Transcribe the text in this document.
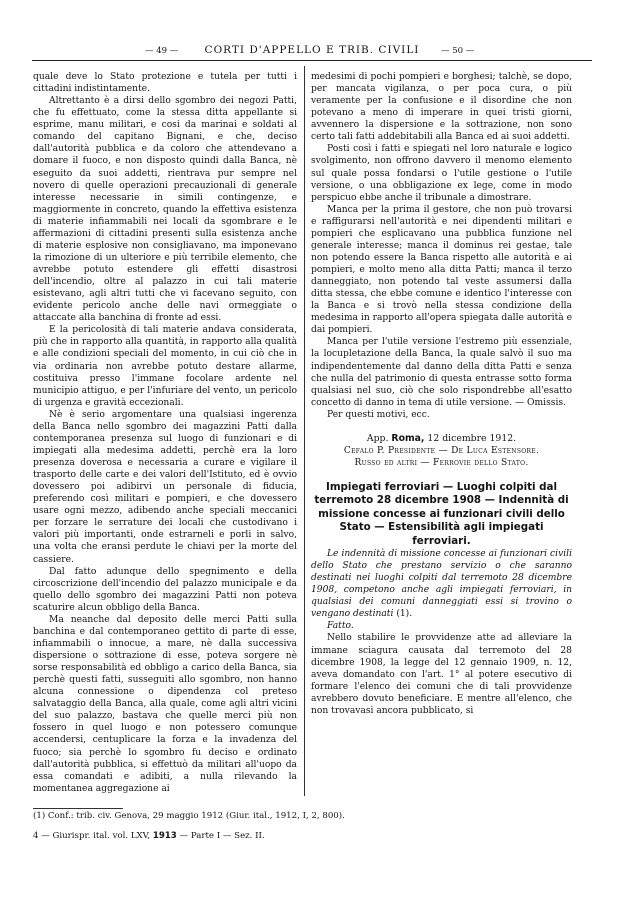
— 49 —	CORTI D'APPELLO E TRIB. CIVILI	— 50 —

quale deve lo Stato protezione e tutela per tutti i cittadini indistintamente.

Altrettanto è a dirsi dello sgombro dei negozi Patti, che fu effettuato, come la stessa ditta appellante si esprime, manu militari, e cosi da marinai e soldati al comando del capitano Bignani, e che, deciso dall'autorità pubblica e da coloro che attendevano a domare il fuoco, e non disposto quindi dalla Banca, nè eseguito da suoi addetti, rientrava pur sempre nel novero di quelle operazioni precauzionali di generale interesse necessarie in simili contingenze, e maggiormente in concreto, quando la effettiva esistenza di materie infiammabili nei locali da sgombrare e le affermazioni di cittadini presenti sulla esistenza anche di materie esplosive non consigliavano, ma imponevano la rimozione di un ulteriore e più terribile elemento, che avrebbe potuto estendere gli effetti disastrosi dell'incendio, oltre al palazzo in cui tali materie esistevano, agli altri tutti che vi facevano seguito, con evidente pericolo anche delle navi ormeggiate o attaccate alla banchina di fronte ad essi.

E la pericolosità di tali materie andava considerata, più che in rapporto alla quantità, in rapporto alla qualità e alle condizioni speciali del momento, in cui ciò che in via ordinaria non avrebbe potuto destare allarme, costituiva presso l'immane focolare ardente nel municipio attiguo, e per l'infuriare del vento, un pericolo di urgenza e gravità eccezionali.

Nè è serio argomentare una qualsiasi ingerenza della Banca nello sgombro dei magazzini Patti dalla contemporanea presenza sul luogo di funzionari e di impiegati alla medesima addetti, perchè era la loro presenza doverosa e necessaria a curare e vigilare il trasporto delle carte e dei valori dell'Istituto, ed è ovvio dovessero poi adibirvi un personale di fiducia, preferendo così militari e pompieri, e che dovessero usare ogni mezzo, adibendo anche speciali meccanici per forzare le serrature dei locali che custodivano i valori più importanti, onde estrarneli e porli in salvo, una volta che eransi perdute le chiavi per la morte del cassiere.

Dal fatto adunque dello spegnimento e della circoscrizione dell'incendio del palazzo municipale e da quello dello sgombro dei magazzini Patti non poteva scaturire alcun obbligo della Banca.

Ma neanche dal deposito delle merci Patti sulla banchina e dal contemporaneo gettito di parte di esse, infiammabili o innocue, a mare, nè dalla successiva dispersione o sottrazione di esse, poteva sorgere nè sorse responsabilità ed obbligo a carico della Banca, sia perchè questi fatti, susseguiti allo sgombro, non hanno alcuna connessione o dipendenza col preteso salvataggio della Banca, alla quale, come agli altri vicini del suo palazzo, bastava che quelle merci più non fossero in quel luogo e non potessero comunque accendersi, centuplicare la forza e la invadenza del fuoco; sia perchè lo sgombro fu deciso e ordinato dall'autorità pubblica, si effettuò da militari all'uopo da essa comandati e adibiti, a nulla rilevando la momentanea aggregazione ai

medesimi di pochi pompieri e borghesi; talchè, se dopo, per mancata vigilanza, o per poca cura, o più veramente per la confusione e il disordine che non potevano a meno di imperare in quei tristi giorni, avvennero la dispersione e la sottrazione, non sono certo tali fatti addebitabili alla Banca ed ai suoi addetti.

Posti così i fatti e spiegati nel loro naturale e logico svolgimento, non offrono davvero il menomo elemento sul quale possa fondarsi o l'utile gestione o l'utile versione, o una obbligazione ex lege, come in modo perspicuo ebbe anche il tribunale a dimostrare.

Manca per la prima il gestore, che non può trovarsi e raffigurarsi nell'autorità e nei dipendenti militari e pompieri che esplicavano una pubblica funzione nel generale interesse; manca il dominus rei gestae, tale non potendo essere la Banca rispetto alle autorità e ai pompieri, e molto meno alla ditta Patti; manca il terzo danneggiato, non potendo tal veste assumersi dalla ditta stessa, che ebbe comune e identico l'interesse con la Banca e si trovò nella stessa condizione della medesima in rapporto all'opera spiegata dalle autorità e dai pompieri.

Manca per l'utile versione l'estremo più essenziale, la locupletazione della Banca, la quale salvò il suo ma indipendentemente dal danno della ditta Patti e senza che nulla del patrimonio di questa entrasse sotto forma qualsiasi nel suo, ciò che solo rispondrebbe all'esatto concetto di danno in tema di utile versione. — Omissis.

Per questi motivi, ecc.

App. Roma, 12 dicembre 1912.
Cefalo P. Presidente — De Luca Estensore.
Russo ed altri — Ferrovie dello Stato.
Impiegati ferroviari — Luoghi colpiti dal terremoto 28 dicembre 1908 — Indennità di missione concesse ai funzionari civili dello Stato — Estensibilità agli impiegati ferroviari.

Le indennità di missione concesse ai funzionari civili dello Stato che prestano servizio o che saranno destinati nei luoghi colpiti dal terremoto 28 dicembre 1908, competono anche agli impiegati ferroviari, in qualsiasi dei comuni danneggiati essi si trovino o vengano destinati (1).

Fatto.

Nello stabilire le provvidenze atte ad alleviare la immane sciagura causata dal terremoto del 28 dicembre 1908, la legge del 12 gennaio 1909, n. 12, aveva domandato con l'art. 1° al potere esecutivo di formare l'elenco dei comuni che di tali provvidenze avrebbero dovuto beneficiare. E mentre all'elenco, che non trovavasi ancora pubblicato, si

(1) Conf.: trib. civ. Genova, 29 maggio 1912 (Giur. ital., 1912, I, 2, 800).
4 — Giurispr. ital. vol. LXV, 1913 — Parte I — Sez. II.
